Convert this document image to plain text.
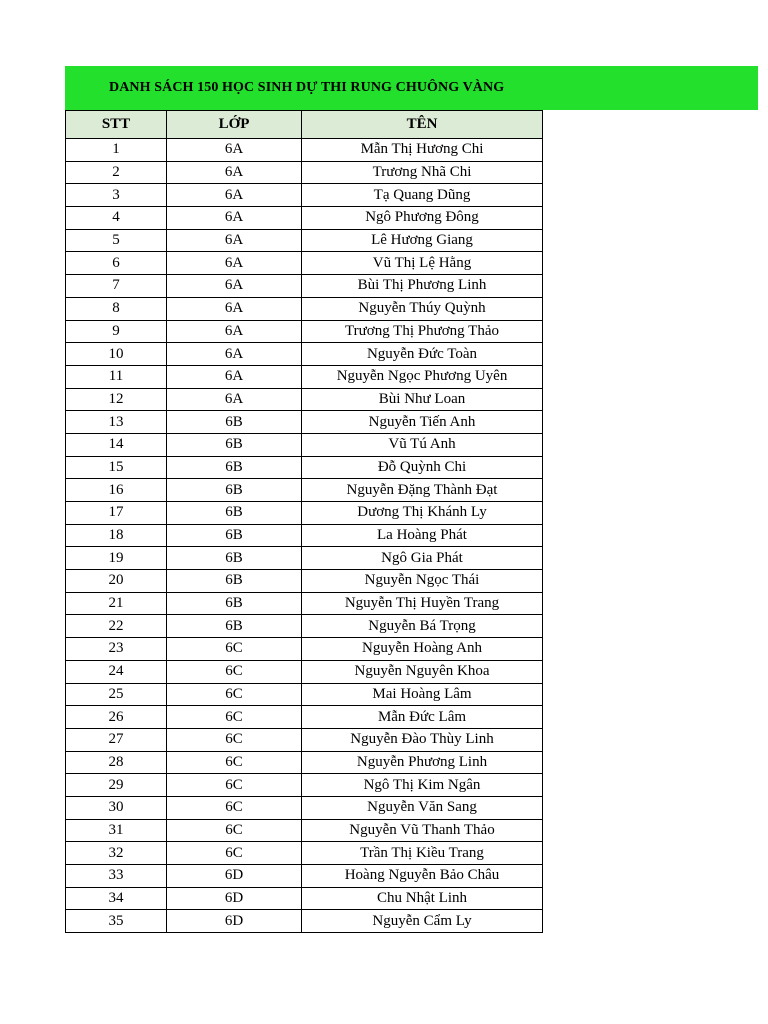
DANH SÁCH 150 HỌC SINH DỰ THI RUNG CHUÔNG VÀNG
STT	LỚP	TÊN
1	6A	Mẫn Thị Hương Chi
2	6A	Trương Nhã Chi
3	6A	Tạ Quang Dũng
4	6A	Ngô Phương Đông
5	6A	Lê Hương Giang
6	6A	Vũ Thị Lệ Hằng
7	6A	Bùi Thị Phương Linh
8	6A	Nguyễn Thúy Quỳnh
9	6A	Trương Thị Phương Thảo
10	6A	Nguyễn Đức Toàn
11	6A	Nguyễn Ngọc Phương Uyên
12	6A	Bùi Như Loan
13	6B	Nguyễn Tiến Anh
14	6B	Vũ Tú Anh
15	6B	Đỗ Quỳnh Chi
16	6B	Nguyễn Đặng Thành Đạt
17	6B	Dương Thị Khánh Ly
18	6B	La Hoàng Phát
19	6B	Ngô Gia Phát
20	6B	Nguyễn Ngọc Thái
21	6B	Nguyễn Thị Huyền Trang
22	6B	Nguyễn Bá Trọng
23	6C	Nguyễn Hoàng Anh
24	6C	Nguyễn Nguyên Khoa
25	6C	Mai Hoàng Lâm
26	6C	Mẫn Đức Lâm
27	6C	Nguyễn Đào Thùy Linh
28	6C	Nguyễn Phương Linh
29	6C	Ngô Thị Kim Ngân
30	6C	Nguyễn Văn Sang
31	6C	Nguyễn Vũ Thanh Thảo
32	6C	Trần Thị Kiều Trang
33	6D	Hoàng Nguyễn Bảo Châu
34	6D	Chu Nhật Linh
35	6D	Nguyễn Cẩm Ly
